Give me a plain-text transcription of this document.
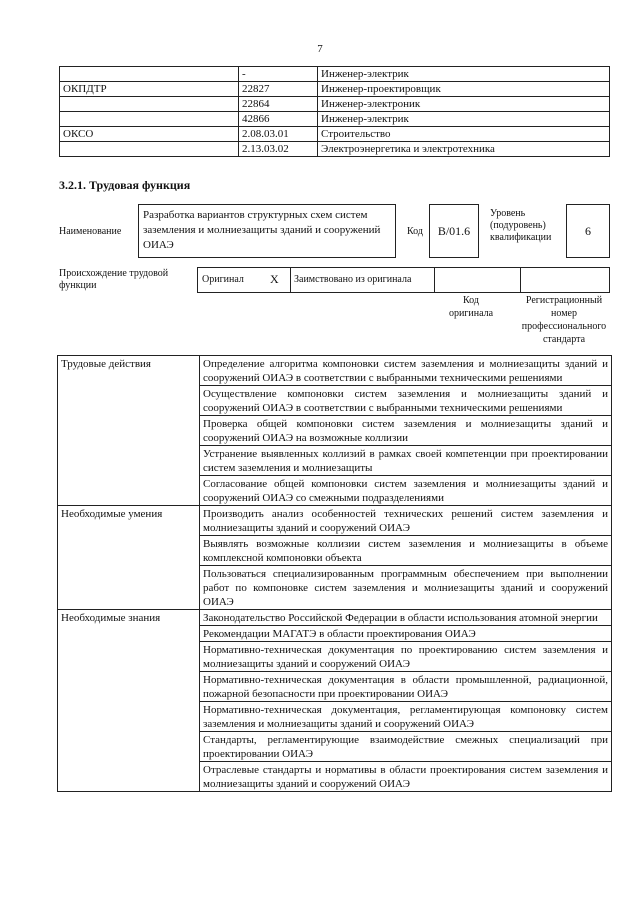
7
	-	Инженер-электрик
ОКПДТР	22827	Инженер-проектировщик
	22864	Инженер-электроник
	42866	Инженер-электрик
ОКСО	2.08.03.01	Строительство
	2.13.03.02	Электроэнергетика и электротехника
3.2.1. Трудовая функция
Наименование
Разработка вариантов структурных схем систем заземления и молниезащиты зданий и сооружений ОИАЭ
Код	B/01.6
Уровень (подуровень) квалификации	6
Происхождение трудовой функции
Оригинал X	Заимствовано из оригинала
Код оригинала
Регистрационный номер профессионального стандарта
Трудовые действия	Определение алгоритма компоновки систем заземления и молниезащиты зданий и сооружений ОИАЭ в соответствии с выбранными техническими решениями
	Осуществление компоновки систем заземления и молниезащиты зданий и сооружений ОИАЭ в соответствии с выбранными техническими решениями
	Проверка общей компоновки систем заземления и молниезащиты зданий и сооружений ОИАЭ на возможные коллизии
	Устранение выявленных коллизий в рамках своей компетенции при проектировании систем заземления и молниезащиты
	Согласование общей компоновки систем заземления и молниезащиты зданий и сооружений ОИАЭ со смежными подразделениями
Необходимые умения	Производить анализ особенностей технических решений систем заземления и молниезащиты зданий и сооружений ОИАЭ
	Выявлять возможные коллизии систем заземления и молниезащиты в объеме комплексной компоновки объекта
	Пользоваться специализированным программным обеспечением при выполнении работ по компоновке систем заземления и молниезащиты зданий и сооружений ОИАЭ
Необходимые знания	Законодательство Российской Федерации в области использования атомной энергии
	Рекомендации МАГАТЭ в области проектирования ОИАЭ
	Нормативно-техническая документация по проектированию систем заземления и молниезащиты зданий и сооружений ОИАЭ
	Нормативно-техническая документация в области промышленной, радиационной, пожарной безопасности при проектировании ОИАЭ
	Нормативно-техническая документация, регламентирующая компоновку систем заземления и молниезащиты зданий и сооружений ОИАЭ
	Стандарты, регламентирующие взаимодействие смежных специализаций при проектировании ОИАЭ
	Отраслевые стандарты и нормативы в области проектирования систем заземления и молниезащиты зданий и сооружений ОИАЭ
